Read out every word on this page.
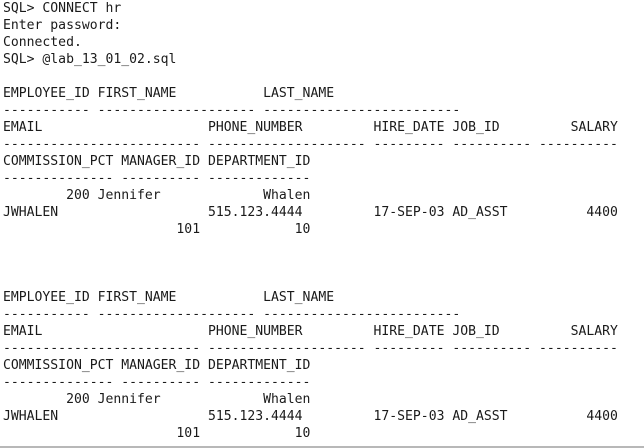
SQL> CONNECT hr
Enter password:
Connected.
SQL> @lab_13_01_02.sql
EMPLOYEE_ID FIRST_NAME           LAST_NAME
----------- -------------------- -------------------------
EMAIL                     PHONE_NUMBER         HIRE_DATE JOB_ID         SALARY
------------------------- -------------------- --------- ---------- ----------
COMMISSION_PCT MANAGER_ID DEPARTMENT_ID
-------------- ---------- -------------
200 Jennifer             Whalen
JWHALEN                   515.123.4444         17-SEP-03 AD_ASST          4400
101            10
EMPLOYEE_ID FIRST_NAME           LAST_NAME
----------- -------------------- -------------------------
EMAIL                     PHONE_NUMBER         HIRE_DATE JOB_ID         SALARY
------------------------- -------------------- --------- ---------- ----------
COMMISSION_PCT MANAGER_ID DEPARTMENT_ID
-------------- ---------- -------------
200 Jennifer             Whalen
JWHALEN                   515.123.4444         17-SEP-03 AD_ASST          4400
101            10
